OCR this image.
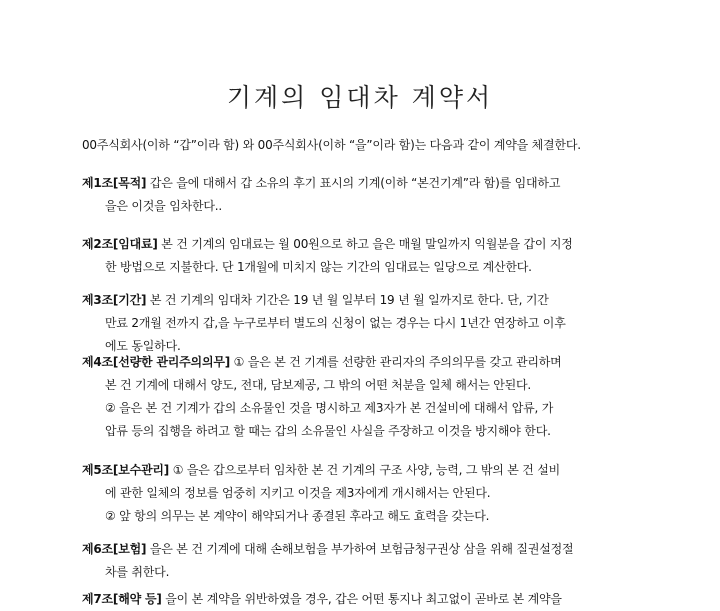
기계의 임대차 계약서
00주식회사(이하 “갑”이라 함) 와 00주식회사(이하 “을”이라 함)는 다음과 같이 계약을 체결한다.
제1조[목적] 갑은 을에 대해서 갑 소유의 후기 표시의 기계(이하 “본건기계”라 함)를 임대하고
을은 이것을 임차한다..
제2조[임대료] 본 건 기계의 임대료는 월 00원으로 하고 을은 매월 말일까지 익월분을 갑이 지정
한 방법으로 지불한다. 단 1개월에 미치지 않는 기간의 임대료는 일당으로 계산한다.
제3조[기간] 본 건 기계의 임대차 기간은 19 년 월 일부터 19 년 월 일까지로 한다. 단, 기간
만료 2개월 전까지 갑,을 누구로부터 별도의 신청이 없는 경우는 다시 1년간 연장하고 이후
에도 동일하다.
제4조[선량한 관리주의의무] ① 을은 본 건 기계를 선량한 관리자의 주의의무를 갖고 관리하며
본 건 기계에 대해서 양도, 전대, 담보제공, 그 밖의 어떤 처분을 일체 해서는 안된다.
② 을은 본 건 기계가 갑의 소유물인 것을 명시하고 제3자가 본 건설비에 대해서 압류, 가
압류 등의 집행을 하려고 할 때는 갑의 소유물인 사실을 주장하고 이것을 방지해야 한다.
제5조[보수관리] ① 을은 갑으로부터 임차한 본 건 기계의 구조 사양, 능력, 그 밖의 본 건 설비
에 관한 일체의 정보를 엄중히 지키고 이것을 제3자에게 개시해서는 안된다.
② 앞 항의 의무는 본 계약이 해약되거나 종결된 후라고 해도 효력을 갖는다.
제6조[보험] 을은 본 건 기계에 대해 손해보험을 부가하여 보험금청구권상 삼을 위해 질권설정절
차를 취한다.
제7조[해약 등] 을이 본 계약을 위반하였을 경우, 갑은 어떤 통지나 최고없이 곧바로 본 계약을
